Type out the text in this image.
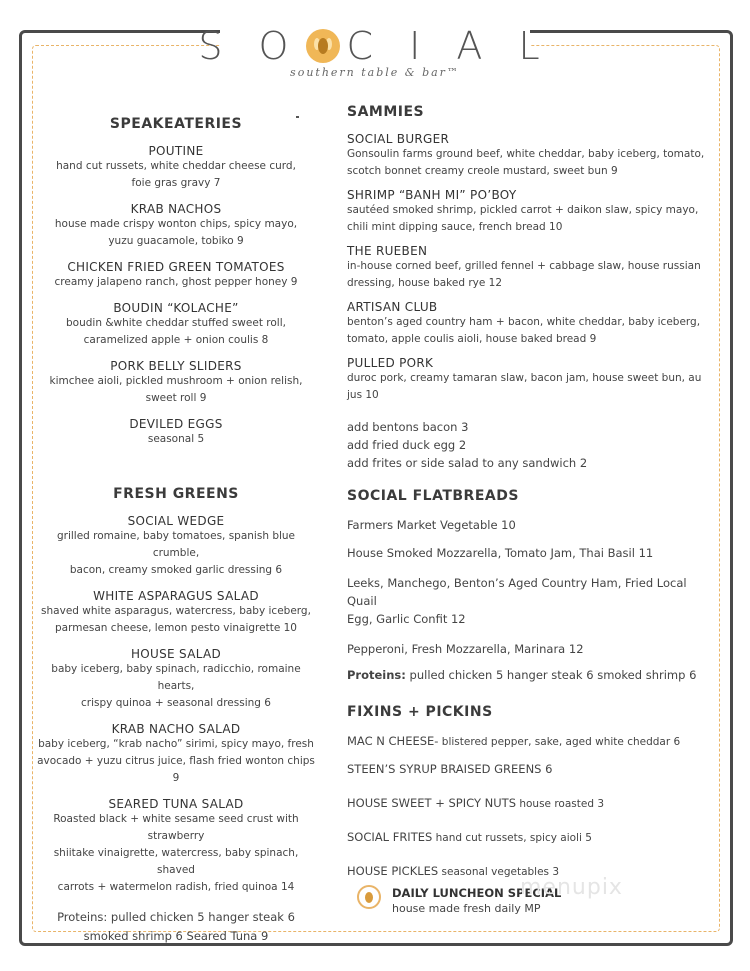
S O C I A L
southern table & bar™
SPEAKEATERIES
POUTINE
hand cut russets, white cheddar cheese curd,
foie gras gravy 7
KRAB NACHOS
house made crispy wonton chips, spicy mayo,
yuzu guacamole, tobiko 9
CHICKEN FRIED GREEN TOMATOES
creamy jalapeno ranch, ghost pepper honey 9
BOUDIN “KOLACHE”
boudin &white cheddar stuffed sweet roll,
caramelized apple + onion coulis 8
PORK BELLY SLIDERS
kimchee aioli, pickled mushroom + onion relish,
sweet roll 9
DEVILED EGGS
seasonal 5
FRESH GREENS
SOCIAL WEDGE
grilled romaine, baby tomatoes, spanish blue crumble,
bacon, creamy smoked garlic dressing 6
WHITE ASPARAGUS SALAD
shaved white asparagus, watercress, baby iceberg,
parmesan cheese, lemon pesto vinaigrette 10
HOUSE SALAD
baby iceberg, baby spinach, radicchio, romaine hearts,
crispy quinoa + seasonal dressing 6
KRAB NACHO SALAD
baby iceberg, “krab nacho” sirimi, spicy mayo, fresh
avocado + yuzu citrus juice, flash fried wonton chips 9
SEARED TUNA SALAD
Roasted black + white sesame seed crust with strawberry
shiitake vinaigrette, watercress, baby spinach, shaved
carrots + watermelon radish, fried quinoa 14
Proteins: pulled chicken 5 hanger steak 6
smoked shrimp 6 Seared Tuna 9
SAMMIES
SOCIAL BURGER
Gonsoulin farms ground beef, white cheddar, baby iceberg, tomato,
scotch bonnet creamy creole mustard, sweet bun 9
SHRIMP “BANH MI” PO’BOY
sautéed smoked shrimp, pickled carrot + daikon slaw, spicy mayo,
chili mint dipping sauce, french bread 10
THE RUEBEN
in-house corned beef, grilled fennel + cabbage slaw, house russian
dressing, house baked rye 12
ARTISAN CLUB
benton’s aged country ham + bacon, white cheddar, baby iceberg,
tomato, apple coulis aioli, house baked bread 9
PULLED PORK
duroc pork, creamy tamaran slaw, bacon jam, house sweet bun, au jus 10
add bentons bacon 3
add fried duck egg 2
add frites or side salad to any sandwich 2
SOCIAL FLATBREADS
Farmers Market Vegetable 10
House Smoked Mozzarella, Tomato Jam, Thai Basil 11
Leeks, Manchego, Benton’s Aged Country Ham, Fried Local Quail
Egg, Garlic Confit 12
Pepperoni, Fresh Mozzarella, Marinara 12
Proteins: pulled chicken 5 hanger steak 6 smoked shrimp 6
FIXINS + PICKINS
MAC N CHEESE- blistered pepper, sake, aged white cheddar 6
STEEN’S SYRUP BRAISED GREENS 6
HOUSE SWEET + SPICY NUTS house roasted 3
SOCIAL FRITES hand cut russets, spicy aioli 5
HOUSE PICKLES seasonal vegetables 3
DAILY LUNCHEON SPECIAL
house made fresh daily MP
menupix
